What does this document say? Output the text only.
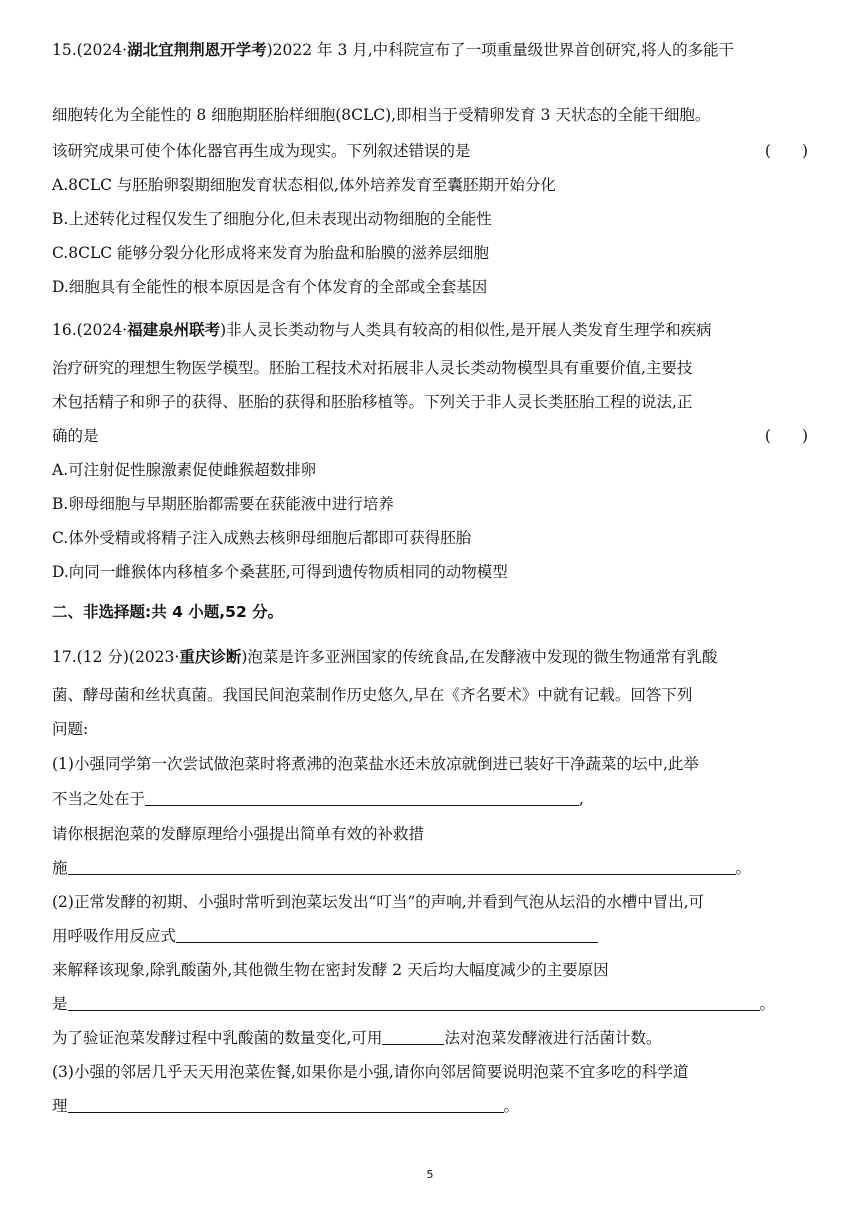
15.(2024·湖北宜荆荆恩开学考)2022 年 3 月,中科院宣布了一项重量级世界首创研究,将人的多能干
细胞转化为全能性的 8 细胞期胚胎样细胞(8CLC),即相当于受精卵发育 3 天状态的全能干细胞。
该研究成果可使个体化器官再生成为现实。下列叙述错误的是	(　　)
A.8CLC 与胚胎卵裂期细胞发育状态相似,体外培养发育至囊胚期开始分化
B.上述转化过程仅发生了细胞分化,但未表现出动物细胞的全能性
C.8CLC 能够分裂分化形成将来发育为胎盘和胎膜的滋养层细胞
D.细胞具有全能性的根本原因是含有个体发育的全部或全套基因
16.(2024·福建泉州联考)非人灵长类动物与人类具有较高的相似性,是开展人类发育生理学和疾病
治疗研究的理想生物医学模型。胚胎工程技术对拓展非人灵长类动物模型具有重要价值,主要技
术包括精子和卵子的获得、胚胎的获得和胚胎移植等。下列关于非人灵长类胚胎工程的说法,正
确的是	(　　)
A.可注射促性腺激素促使雌猴超数排卵
B.卵母细胞与早期胚胎都需要在获能液中进行培养
C.体外受精或将精子注入成熟去核卵母细胞后都即可获得胚胎
D.向同一雌猴体内移植多个桑葚胚,可得到遗传物质相同的动物模型
二、非选择题:共 4 小题,52 分。
17.(12 分)(2023·重庆诊断)泡菜是许多亚洲国家的传统食品,在发酵液中发现的微生物通常有乳酸
菌、酵母菌和丝状真菌。我国民间泡菜制作历史悠久,早在《齐名要术》中就有记载。回答下列
问题:
(1)小强同学第一次尝试做泡菜时将煮沸的泡菜盐水还未放凉就倒进已装好干净蔬菜的坛中,此举
不当之处在于	,
请你根据泡菜的发酵原理给小强提出简单有效的补救措
施	。
(2)正常发酵的初期、小强时常听到泡菜坛发出“叮当”的声响,并看到气泡从坛沿的水槽中冒出,可
用呼吸作用反应式
来解释该现象,除乳酸菌外,其他微生物在密封发酵 2 天后均大幅度减少的主要原因
是	。
为了验证泡菜发酵过程中乳酸菌的数量变化,可用	法对泡菜发酵液进行活菌计数。
(3)小强的邻居几乎天天用泡菜佐餐,如果你是小强,请你向邻居简要说明泡菜不宜多吃的科学道
理	。
5
